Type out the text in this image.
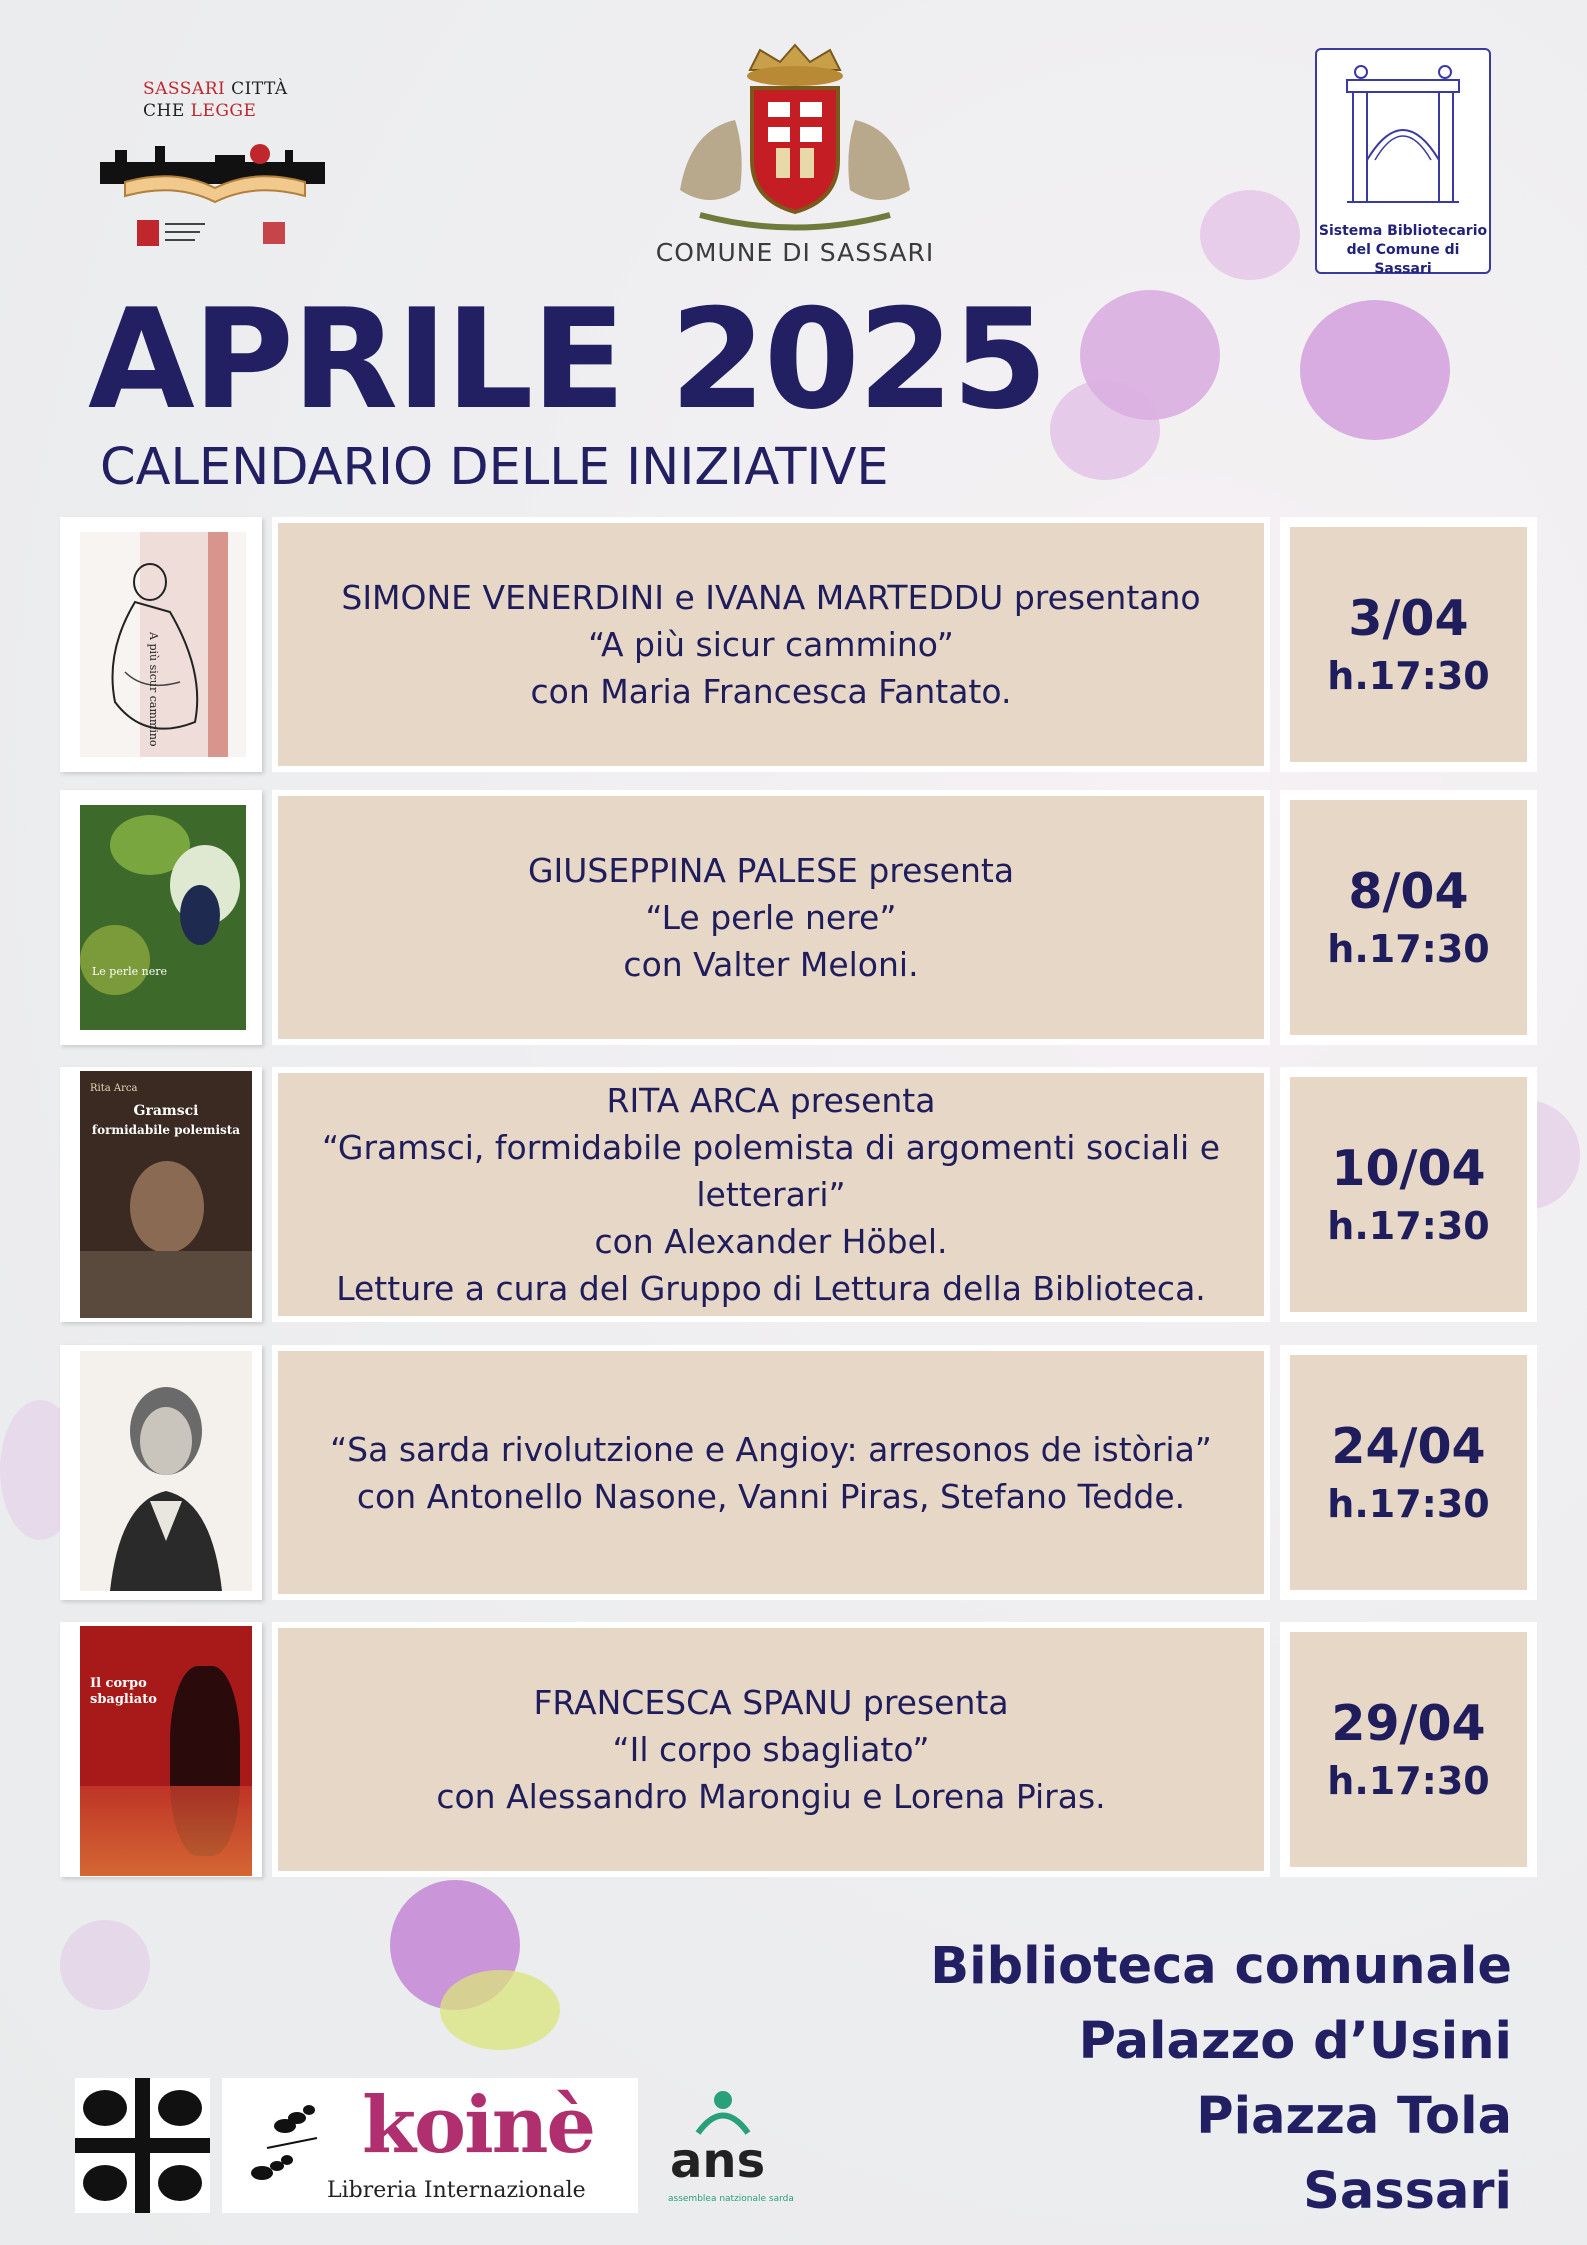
SASSARI CITTÀ
CHE LEGGE
COMUNE DI SASSARI
Sistema Bibliotecario
del Comune di Sassari
APRILE 2025
CALENDARIO DELLE INIZIATIVE
A più sicur cammino
SIMONE VENERDINI e IVANA MARTEDDU presentano
“A più sicur cammino”
con Maria Francesca Fantato.
3/04
h.17:30
Le perle nere
GIUSEPPINA PALESE presenta
“Le perle nere”
con Valter Meloni.
8/04
h.17:30
Rita Arca
Gramsci
formidabile polemista
RITA ARCA presenta
“Gramsci, formidabile polemista di argomenti sociali e
letterari”
con Alexander Höbel.
Letture a cura del Gruppo di Lettura della Biblioteca.
10/04
h.17:30
“Sa sarda rivolutzione e Angioy: arresonos de istòria”
con Antonello Nasone, Vanni Piras, Stefano Tedde.
24/04
h.17:30
Il corpo
sbagliato	FRANCESCA SPANU presenta
“Il corpo sbagliato”
con Alessandro Marongiu e Lorena Piras.
29/04
h.17:30
Biblioteca comunale
Palazzo d’Usini
Piazza Tola
Sassari
koinè
Libreria Internazionale
ans
assemblea natzionale sarda
